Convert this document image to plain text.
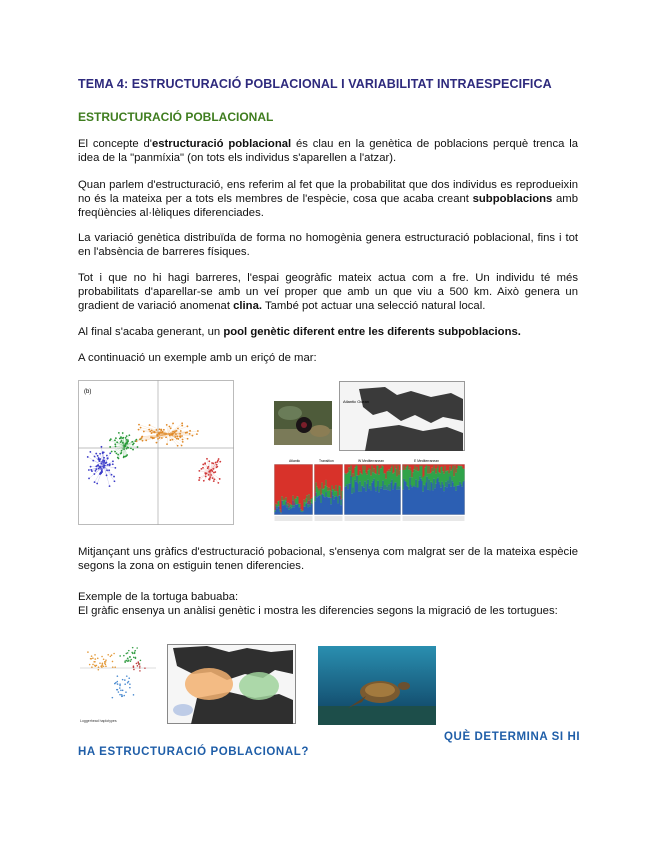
TEMA 4: ESTRUCTURACIÓ POBLACIONAL I VARIABILITAT INTRAESPECIFICA
ESTRUCTURACIÓ POBLACIONAL
El concepte d'estructuració poblacional és clau en la genètica de poblacions perquè trenca la idea de la "panmíxia" (on tots els individus s'aparellen a l'atzar).
Quan parlem d'estructuració, ens referim al fet que la probabilitat que dos individus es reprodueixin no és la mateixa per a tots els membres de l'espècie, cosa que acaba creant subpoblacions amb freqüències al·lèliques diferenciades.
La variació genètica distribuïda de forma no homogènia genera estructuració poblacional, fins i tot en l'absència de barreres físiques.
Tot i que no hi hagi barreres, l'espai geogràfic mateix actua com a fre. Un individu té més probabilitats d'aparellar-se amb un veí proper que amb un que viu a 500 km. Això genera un gradient de variació anomenat clina. També pot actuar una selecció natural local.
Al final s'acaba generant, un pool genètic diferent entre les diferents subpoblacions.
A continuació un exemple amb un eriçó de mar:
(b)
Atlantic Ocean
Atlantic	Transition	W Mediterranean	E Mediterranean
Mitjançant uns gràfics d'estructuració pobacional, s'ensenya com malgrat ser de la mateixa espècie segons la zona on estiguin tenen diferencies.
Exemple de la tortuga babuaba:
El gràfic ensenya un anàlisi genètic i mostra les diferencies segons la migració de les tortugues:
Loggerhead haplotypes
QUÈ DETERMINA SI HI
HA ESTRUCTURACIÓ POBLACIONAL?
